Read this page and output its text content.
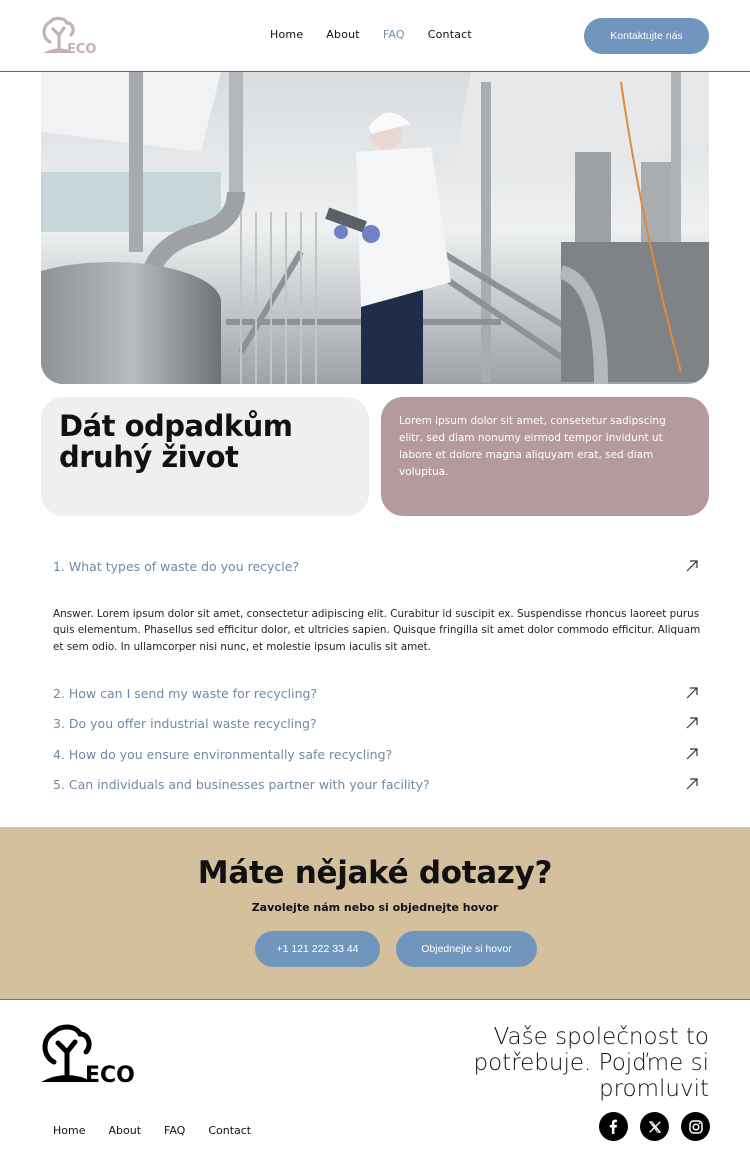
ECO
Home About FAQ Contact	Kontaktujte nás
Dát odpadkům
druhý život

Lorem ipsum dolor sit amet, consetetur sadipscing elitr, sed diam nonumy eirmod tempor invidunt ut labore et dolore magna aliquyam erat, sed diam voluptua.

1. What types of waste do you recycle?

Answer. Lorem ipsum dolor sit amet, consectetur adipiscing elit. Curabitur id suscipit ex. Suspendisse rhoncus laoreet purus quis elementum. Phasellus sed efficitur dolor, et ultricies sapien. Quisque fringilla sit amet dolor commodo efficitur. Aliquam et sem odio. In ullamcorper nisi nunc, et molestie ipsum iaculis sit amet.

2. How can I send my waste for recycling?
3. Do you offer industrial waste recycling?
4. How do you ensure environmentally safe recycling?
5. Can individuals and businesses partner with your facility?
Máte nějaké dotazy?

Zavolejte nám nebo si objednejte hovor

+1 121 222 33 44	Objednejte si hovor
ECO
Home About FAQ Contact

Vaše společnost to potřebuje. Pojďme si promluvit
